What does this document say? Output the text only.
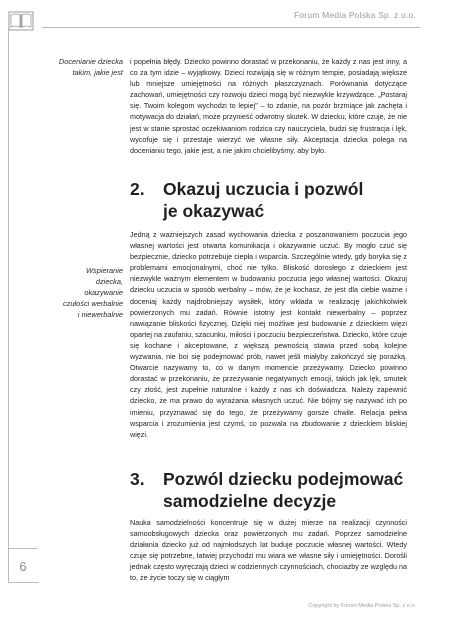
Forum Media Polska Sp. z o.o.
6
Docenianie dziecka
takim, jakie jest

i popełnia błędy. Dziecko powinno dorastać w przekonaniu, że każdy z nas jest inny, a co za tym idzie – wyjątkowy. Dzieci rozwijają się w różnym tempie, posiadają większe lub mniejsze umiejętności na różnych płaszczyznach. Porównania dotyczące zachowań, umiejętności czy rozwoju dzieci mogą być niezwykle krzywdzące. „Postaraj się. Twoim kolegom wychodzi to lepiej" – to zdanie, na pozór brzmiące jak zachęta i motywacja do działań, może przynieść odwrotny skutek. W dziecku, które czuje, że nie jest w stanie sprostać oczekiwaniom rodzica czy nauczyciela, budzi się frustracja i lęk, wycofuje się i przestaje wierzyć we własne siły. Akceptacja dziecka polega na docenianiu tego, jakie jest, a nie jakim chcielibyśmy, aby było.

2. Okazuj uczucia i pozwól
je okazywać
Wspieranie
dziecka,
okazywanie
czułości werbalnie
i niewerbalnie

Jedną z ważniejszych zasad wychowania dziecka z poszanowaniem poczucia jego własnej wartości jest otwarta komunikacja i okazywanie uczuć. By mogło czuć się bezpiecznie, dziecko potrzebuje ciepła i wsparcia. Szczególnie wtedy, gdy boryka się z problemami emocjonalnymi, choć nie tylko. Bliskość dorosłego z dzieckiem jest niezwykle ważnym elementem w budowaniu poczucia jego własnej wartości. Okazuj dziecku uczucia w sposób werbalny – mów, że je kochasz, że jest dla ciebie ważne i doceniaj każdy najdrobniejszy wysiłek, który wkłada w realizację jakichkolwiek powierzonych mu zadań. Równie istotny jest kontakt niewerbalny – poprzez nawiązanie bliskości fizycznej. Dzięki niej możliwe jest budowanie z dzieckiem więzi opartej na zaufaniu, szacunku, miłości i poczuciu bezpieczeństwa. Dziecko, które czuje się kochane i akceptowane, z większą pewnością stawia przed sobą kolejne wyzwania, nie boi się podejmować prób, nawet jeśli miałyby zakończyć się porażką. Otwarcie nazywamy to, co w danym momencie przeżywamy. Dziecko powinno dorastać w przekonaniu, że przeżywanie negatywnych emocji, takich jak lęk, smutek czy złość, jest zupełnie naturalne i każdy z nas ich doświadcza. Należy zapewnić dziecko, że ma prawo do wyrażania własnych uczuć. Nie bójmy się nazywać ich po imieniu, przyznawać się do tego, że przeżywamy gorsze chwile. Relacja pełna wsparcia i zrozumienia jest czymś, co pozwala na zbudowanie z dzieckiem bliskiej więzi.

3. Pozwól dziecku podejmować
samodzielne decyzje

Nauka samodzielności koncentruje się w dużej mierze na realizacji czynności samoobsługowych dziecka oraz powierzonych mu zadań. Poprzez samodzielne działania dziecko już od najmłodszych lat buduje poczucie własnej wartości. Wtedy czuje się potrzebne, łatwiej przychodzi mu wiara we własne siły i umiejętności. Dorośli jednak często wyręczają dzieci w codziennych czynnościach, chociażby ze względu na to, że życie toczy się w ciągłym

Copyright by Forum Media Polska Sp. z o.o.
